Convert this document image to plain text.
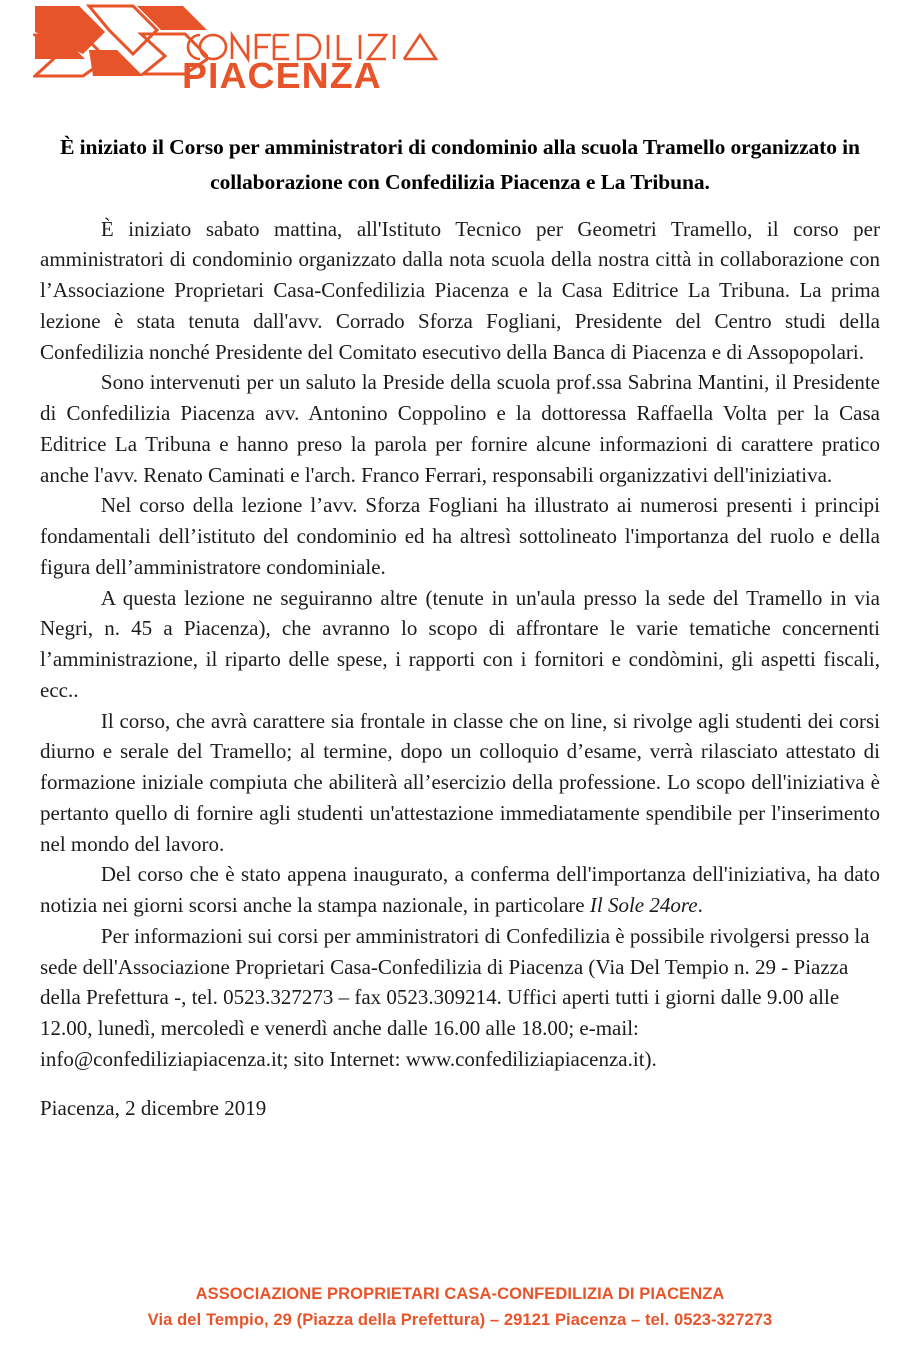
PIACENZA
È iniziato il Corso per amministratori di condominio alla scuola Tramello organizzato in collaborazione con Confedilizia Piacenza e La Tribuna.

È iniziato sabato mattina, all'Istituto Tecnico per Geometri Tramello, il corso per amministratori di condominio organizzato dalla nota scuola della nostra città in collaborazione con l’Associazione Proprietari Casa-Confedilizia Piacenza e la Casa Editrice La Tribuna. La prima lezione è stata tenuta dall'avv. Corrado Sforza Fogliani, Presidente del Centro studi della Confedilizia nonché Presidente del Comitato esecutivo della Banca di Piacenza e di Assopopolari.

Sono intervenuti per un saluto la Preside della scuola prof.ssa Sabrina Mantini, il Presidente di Confedilizia Piacenza avv. Antonino Coppolino e la dottoressa Raffaella Volta per la Casa Editrice La Tribuna e hanno preso la parola per fornire alcune informazioni di carattere pratico anche l'avv. Renato Caminati e l'arch. Franco Ferrari, responsabili organizzativi dell'iniziativa.

Nel corso della lezione l’avv. Sforza Fogliani ha illustrato ai numerosi presenti i principi fondamentali dell’istituto del condominio ed ha altresì sottolineato l'importanza del ruolo e della figura dell’amministratore condominiale.

A questa lezione ne seguiranno altre (tenute in un'aula presso la sede del Tramello in via Negri, n. 45 a Piacenza), che avranno lo scopo di affrontare le varie tematiche concernenti l’amministrazione, il riparto delle spese, i rapporti con i fornitori e condòmini, gli aspetti fiscali, ecc..

Il corso, che avrà carattere sia frontale in classe che on line, si rivolge agli studenti dei corsi diurno e serale del Tramello; al termine, dopo un colloquio d’esame, verrà rilasciato attestato di formazione iniziale compiuta che abiliterà all’esercizio della professione. Lo scopo dell'iniziativa è pertanto quello di fornire agli studenti un'attestazione immediatamente spendibile per l'inserimento nel mondo del lavoro.

Del corso che è stato appena inaugurato, a conferma dell'importanza dell'iniziativa, ha dato notizia nei giorni scorsi anche la stampa nazionale, in particolare Il Sole 24ore.

Per informazioni sui corsi per amministratori di Confedilizia è possibile rivolgersi presso la sede dell'Associazione Proprietari Casa-Confedilizia di Piacenza (Via Del Tempio n. 29 - Piazza della Prefettura -, tel. 0523.327273 – fax 0523.309214. Uffici aperti tutti i giorni dalle 9.00 alle 12.00, lunedì, mercoledì e venerdì anche dalle 16.00 alle 18.00; e-mail: info@confediliziapiacenza.it; sito Internet: www.confediliziapiacenza.it).

Piacenza, 2 dicembre 2019
ASSOCIAZIONE PROPRIETARI CASA-CONFEDILIZIA DI PIACENZA
Via del Tempio, 29 (Piazza della Prefettura) – 29121 Piacenza – tel. 0523-327273
